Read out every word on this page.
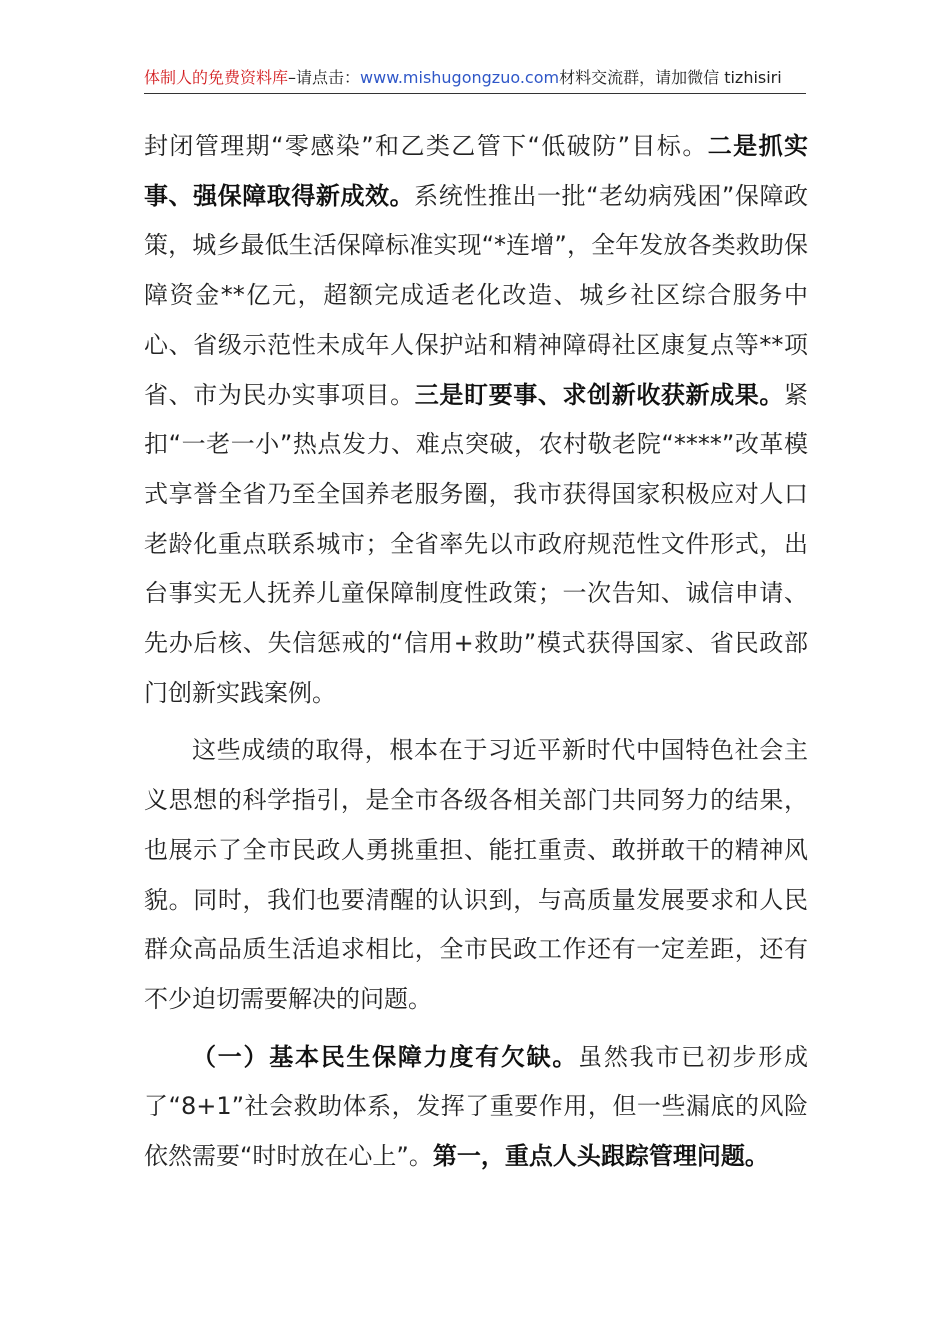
体制人的免费资料库–请点击：www.mishugongzuo.com材料交流群，请加微信 tizhisiri

封闭管理期“零感染”和乙类乙管下“低破防”目标。二是抓实事、强保障取得新成效。系统性推出一批“老幼病残困”保障政策，城乡最低生活保障标准实现“*连增”，全年发放各类救助保障资金**亿元，超额完成适老化改造、城乡社区综合服务中心、省级示范性未成年人保护站和精神障碍社区康复点等**项省、市为民办实事项目。三是盯要事、求创新收获新成果。紧扣“一老一小”热点发力、难点突破，农村敬老院“****”改革模式享誉全省乃至全国养老服务圈，我市获得国家积极应对人口老龄化重点联系城市；全省率先以市政府规范性文件形式，出台事实无人抚养儿童保障制度性政策；一次告知、诚信申请、先办后核、失信惩戒的“信用+救助”模式获得国家、省民政部门创新实践案例。

这些成绩的取得，根本在于习近平新时代中国特色社会主义思想的科学指引，是全市各级各相关部门共同努力的结果，也展示了全市民政人勇挑重担、能扛重责、敢拼敢干的精神风貌。同时，我们也要清醒的认识到，与高质量发展要求和人民群众高品质生活追求相比，全市民政工作还有一定差距，还有不少迫切需要解决的问题。

（一）基本民生保障力度有欠缺。虽然我市已初步形成了“8+1”社会救助体系，发挥了重要作用，但一些漏底的风险依然需要“时时放在心上”。第一，重点人头跟踪管理问题。
